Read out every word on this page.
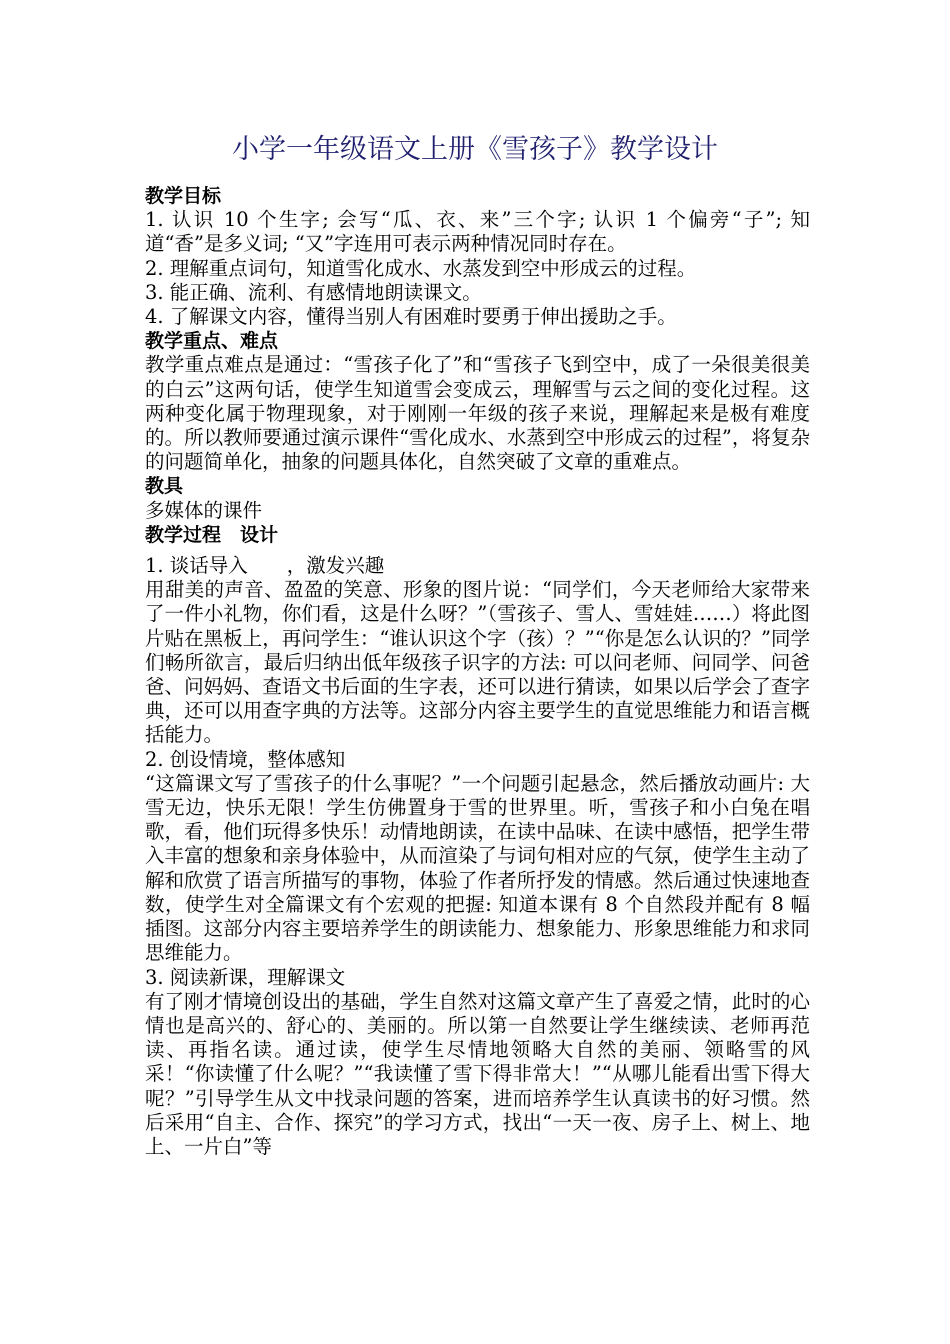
小学一年级语文上册《雪孩子》教学设计

教学目标

1. 认识 10 个生字; 会写“瓜、衣、来”三个字; 认识 1 个偏旁“子”; 知道“香”是多义词; “又”字连用可表示两种情况同时存在。

2. 理解重点词句，知道雪化成水、水蒸发到空中形成云的过程。

3. 能正确、流利、有感情地朗读课文。

4. 了解课文内容，懂得当别人有困难时要勇于伸出援助之手。

教学重点、难点

教学重点难点是通过：“雪孩子化了”和“雪孩子飞到空中，成了一朵很美很美的白云”这两句话，使学生知道雪会变成云，理解雪与云之间的变化过程。这两种变化属于物理现象，对于刚刚一年级的孩子来说，理解起来是极有难度的。所以教师要通过演示课件“雪化成水、水蒸到空中形成云的过程”，将复杂的问题简单化，抽象的问题具体化，自然突破了文章的重难点。

教具

多媒体的课件

教学过程　设计

1. 谈话导入　　，激发兴趣

用甜美的声音、盈盈的笑意、形象的图片说：“同学们，今天老师给大家带来了一件小礼物，你们看，这是什么呀？”（雪孩子、雪人、雪娃娃……）将此图片贴在黑板上，再问学生：“谁认识这个字（孩）？”“你是怎么认识的？”同学们畅所欲言，最后归纳出低年级孩子识字的方法: 可以问老师、问同学、问爸爸、问妈妈、查语文书后面的生字表，还可以进行猜读，如果以后学会了查字典，还可以用查字典的方法等。这部分内容主要学生的直觉思维能力和语言概括能力。

2. 创设情境，整体感知

“这篇课文写了雪孩子的什么事呢？”一个问题引起悬念，然后播放动画片: 大雪无边，快乐无限！学生仿佛置身于雪的世界里。听，雪孩子和小白兔在唱歌，看，他们玩得多快乐！动情地朗读，在读中品味、在读中感悟，把学生带入丰富的想象和亲身体验中，从而渲染了与词句相对应的气氛，使学生主动了解和欣赏了语言所描写的事物，体验了作者所抒发的情感。然后通过快速地查数，使学生对全篇课文有个宏观的把握: 知道本课有 8 个自然段并配有 8 幅插图。这部分内容主要培养学生的朗读能力、想象能力、形象思维能力和求同思维能力。

3. 阅读新课，理解课文

有了刚才情境创设出的基础，学生自然对这篇文章产生了喜爱之情，此时的心情也是高兴的、舒心的、美丽的。所以第一自然要让学生继续读、老师再范读、再指名读。通过读，使学生尽情地领略大自然的美丽、领略雪的风采！“你读懂了什么呢？”“我读懂了雪下得非常大！”“从哪儿能看出雪下得大呢？”引导学生从文中找录问题的答案，进而培养学生认真读书的好习惯。然后采用“自主、合作、探究”的学习方式，找出“一天一夜、房子上、树上、地上、一片白”等
